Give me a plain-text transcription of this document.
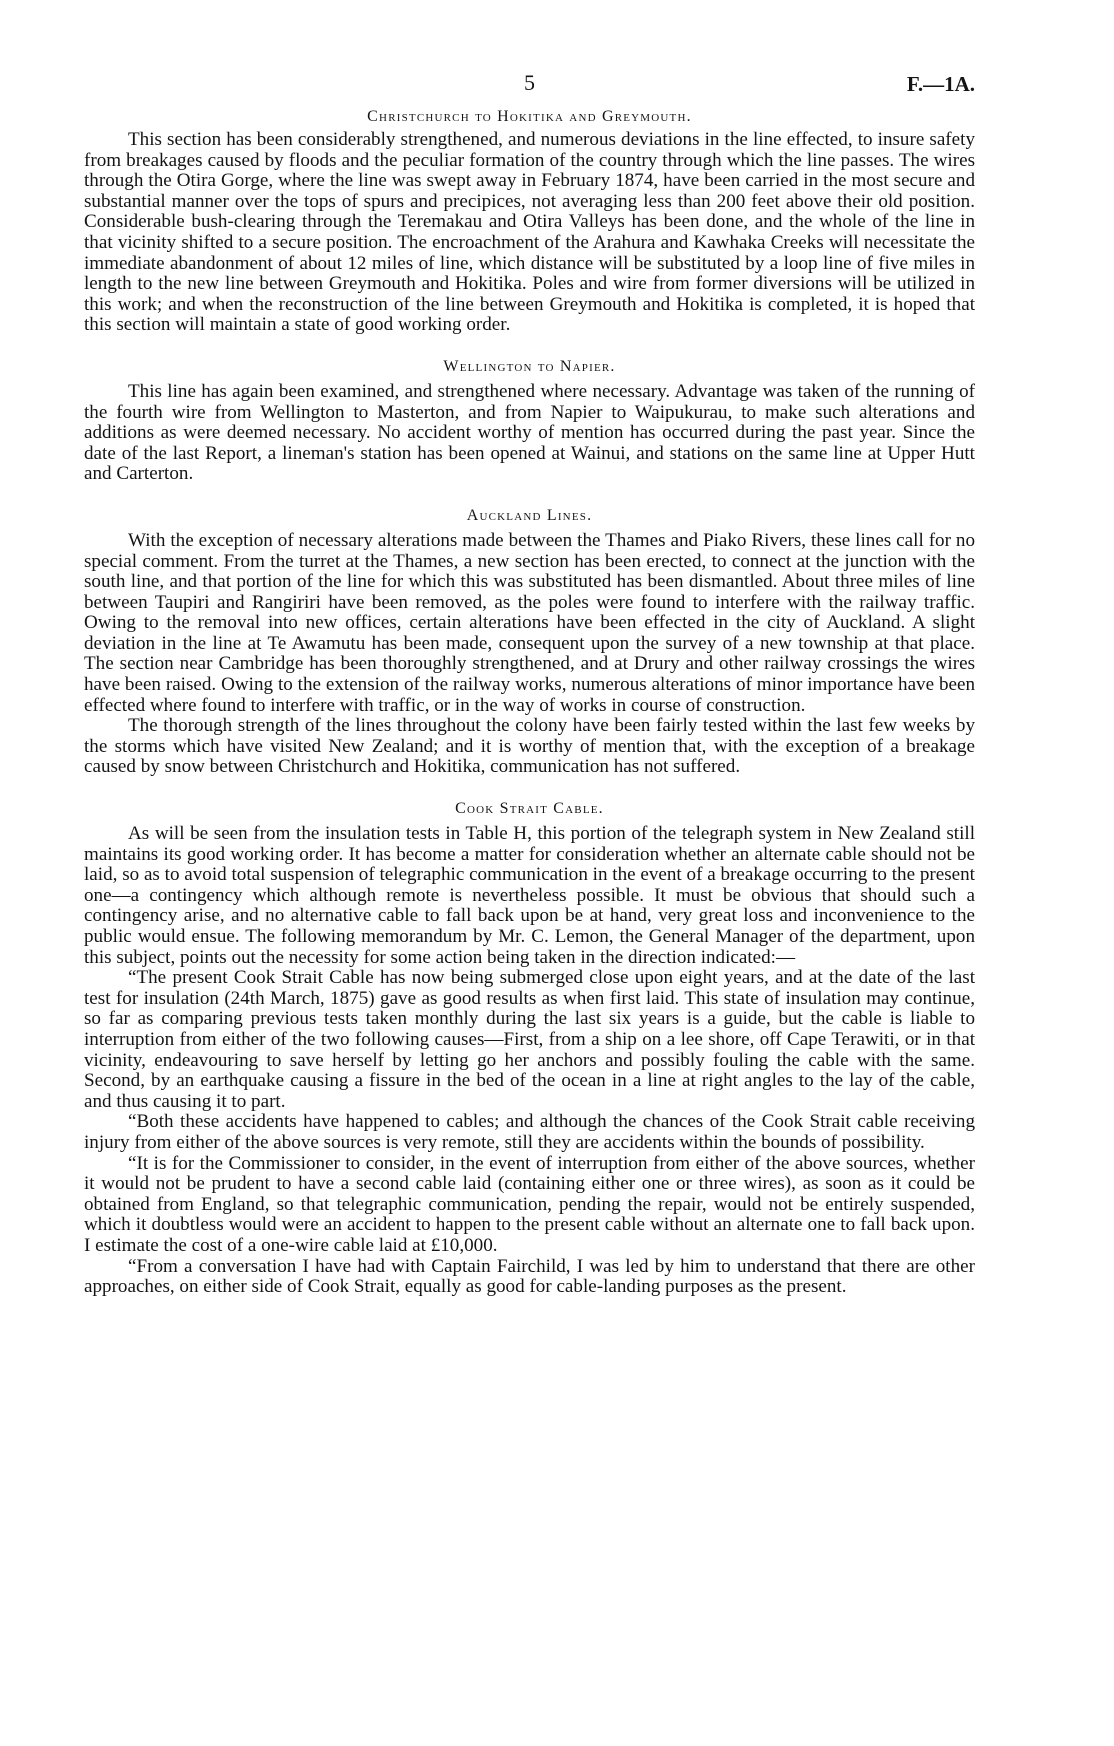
5	F.—1A.
Christchurch to Hokitika and Greymouth.

This section has been considerably strengthened, and numerous deviations in the line effected, to insure safety from breakages caused by floods and the peculiar formation of the country through which the line passes. The wires through the Otira Gorge, where the line was swept away in February 1874, have been carried in the most secure and substantial manner over the tops of spurs and precipices, not averaging less than 200 feet above their old position. Considerable bush-clearing through the Teremakau and Otira Valleys has been done, and the whole of the line in that vicinity shifted to a secure position. The encroachment of the Arahura and Kawhaka Creeks will necessitate the immediate abandonment of about 12 miles of line, which distance will be substituted by a loop line of five miles in length to the new line between Greymouth and Hokitika. Poles and wire from former diversions will be utilized in this work; and when the reconstruction of the line between Greymouth and Hokitika is completed, it is hoped that this section will maintain a state of good working order.

Wellington to Napier.

This line has again been examined, and strengthened where necessary. Advantage was taken of the running of the fourth wire from Wellington to Masterton, and from Napier to Waipukurau, to make such alterations and additions as were deemed necessary. No accident worthy of mention has occurred during the past year. Since the date of the last Report, a lineman's station has been opened at Wainui, and stations on the same line at Upper Hutt and Carterton.

Auckland Lines.

With the exception of necessary alterations made between the Thames and Piako Rivers, these lines call for no special comment. From the turret at the Thames, a new section has been erected, to connect at the junction with the south line, and that portion of the line for which this was substituted has been dismantled. About three miles of line between Taupiri and Rangiriri have been removed, as the poles were found to interfere with the railway traffic. Owing to the removal into new offices, certain alterations have been effected in the city of Auckland. A slight deviation in the line at Te Awamutu has been made, consequent upon the survey of a new township at that place. The section near Cambridge has been thoroughly strengthened, and at Drury and other railway crossings the wires have been raised. Owing to the extension of the railway works, numerous alterations of minor importance have been effected where found to interfere with traffic, or in the way of works in course of construction.

The thorough strength of the lines throughout the colony have been fairly tested within the last few weeks by the storms which have visited New Zealand; and it is worthy of mention that, with the exception of a breakage caused by snow between Christchurch and Hokitika, communication has not suffered.

Cook Strait Cable.

As will be seen from the insulation tests in Table H, this portion of the telegraph system in New Zealand still maintains its good working order. It has become a matter for consideration whether an alternate cable should not be laid, so as to avoid total suspension of telegraphic communication in the event of a breakage occurring to the present one—a contingency which although remote is nevertheless possible. It must be obvious that should such a contingency arise, and no alternative cable to fall back upon be at hand, very great loss and inconvenience to the public would ensue. The following memorandum by Mr. C. Lemon, the General Manager of the department, upon this subject, points out the necessity for some action being taken in the direction indicated:—

“The present Cook Strait Cable has now being submerged close upon eight years, and at the date of the last test for insulation (24th March, 1875) gave as good results as when first laid. This state of insulation may continue, so far as comparing previous tests taken monthly during the last six years is a guide, but the cable is liable to interruption from either of the two following causes—First, from a ship on a lee shore, off Cape Terawiti, or in that vicinity, endeavouring to save herself by letting go her anchors and possibly fouling the cable with the same. Second, by an earthquake causing a fissure in the bed of the ocean in a line at right angles to the lay of the cable, and thus causing it to part.

“Both these accidents have happened to cables; and although the chances of the Cook Strait cable receiving injury from either of the above sources is very remote, still they are accidents within the bounds of possibility.

“It is for the Commissioner to consider, in the event of interruption from either of the above sources, whether it would not be prudent to have a second cable laid (containing either one or three wires), as soon as it could be obtained from England, so that telegraphic communication, pending the repair, would not be entirely suspended, which it doubtless would were an accident to happen to the present cable without an alternate one to fall back upon. I estimate the cost of a one-wire cable laid at £10,000.

“From a conversation I have had with Captain Fairchild, I was led by him to understand that there are other approaches, on either side of Cook Strait, equally as good for cable-landing purposes as the present.
